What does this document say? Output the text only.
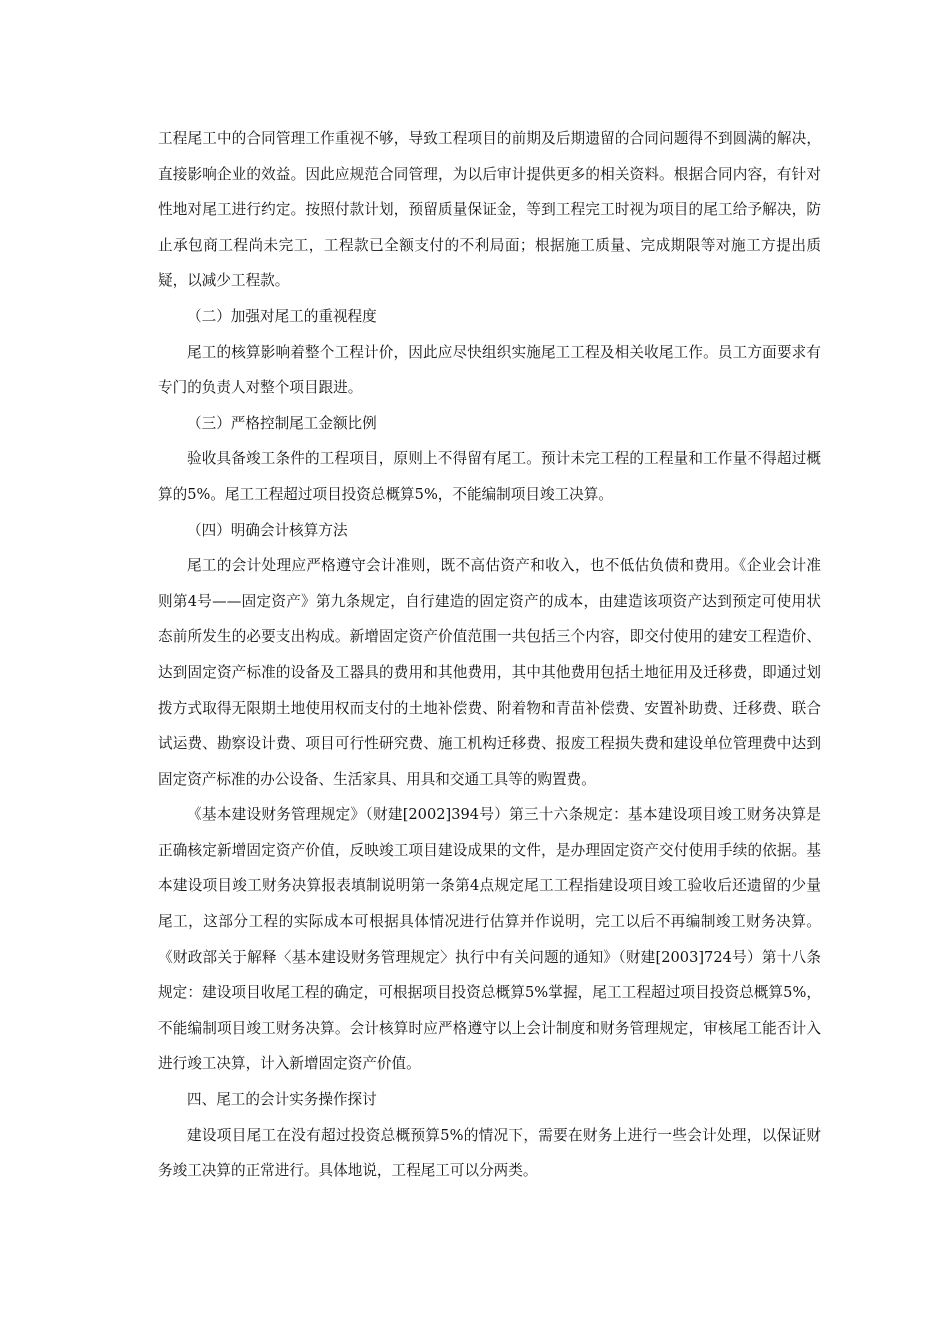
工程尾工中的合同管理工作重视不够，导致工程项目的前期及后期遗留的合同问题得不到圆满的解决，直接影响企业的效益。因此应规范合同管理，为以后审计提供更多的相关资料。根据合同内容，有针对性地对尾工进行约定。按照付款计划，预留质量保证金，等到工程完工时视为项目的尾工给予解决，防止承包商工程尚未完工，工程款已全额支付的不利局面；根据施工质量、完成期限等对施工方提出质疑，以减少工程款。

（二）加强对尾工的重视程度

尾工的核算影响着整个工程计价，因此应尽快组织实施尾工工程及相关收尾工作。员工方面要求有专门的负责人对整个项目跟进。

（三）严格控制尾工金额比例

验收具备竣工条件的工程项目，原则上不得留有尾工。预计未完工程的工程量和工作量不得超过概算的5%。尾工工程超过项目投资总概算5%，不能编制项目竣工决算。

（四）明确会计核算方法

尾工的会计处理应严格遵守会计准则，既不高估资产和收入，也不低估负债和费用。《企业会计准则第4号——固定资产》第九条规定，自行建造的固定资产的成本，由建造该项资产达到预定可使用状态前所发生的必要支出构成。新增固定资产价值范围一共包括三个内容，即交付使用的建安工程造价、达到固定资产标准的设备及工器具的费用和其他费用，其中其他费用包括土地征用及迁移费，即通过划拨方式取得无限期土地使用权而支付的土地补偿费、附着物和青苗补偿费、安置补助费、迁移费、联合试运费、勘察设计费、项目可行性研究费、施工机构迁移费、报废工程损失费和建设单位管理费中达到固定资产标准的办公设备、生活家具、用具和交通工具等的购置费。

《基本建设财务管理规定》（财建[2002]394号）第三十六条规定：基本建设项目竣工财务决算是正确核定新增固定资产价值，反映竣工项目建设成果的文件，是办理固定资产交付使用手续的依据。基本建设项目竣工财务决算报表填制说明第一条第4点规定尾工工程指建设项目竣工验收后还遗留的少量尾工，这部分工程的实际成本可根据具体情况进行估算并作说明，完工以后不再编制竣工财务决算。《财政部关于解释〈基本建设财务管理规定〉执行中有关问题的通知》（财建[2003]724号）第十八条规定：建设项目收尾工程的确定，可根据项目投资总概算5%掌握，尾工工程超过项目投资总概算5%，不能编制项目竣工财务决算。会计核算时应严格遵守以上会计制度和财务管理规定，审核尾工能否计入进行竣工决算，计入新增固定资产价值。

四、尾工的会计实务操作探讨

建设项目尾工在没有超过投资总概预算5%的情况下，需要在财务上进行一些会计处理，以保证财务竣工决算的正常进行。具体地说，工程尾工可以分两类。
